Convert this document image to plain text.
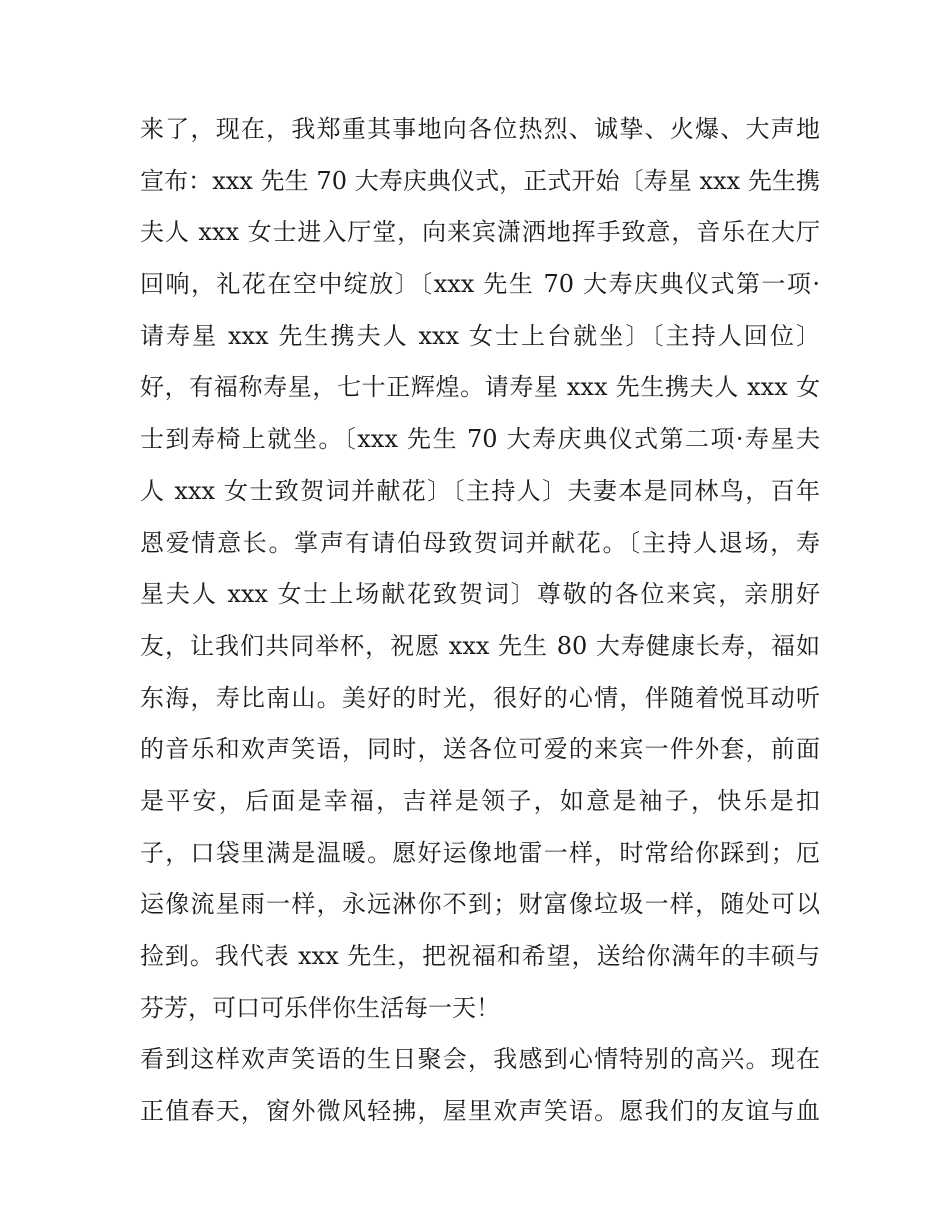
来了，现在，我郑重其事地向各位热烈、诚挚、火爆、大声地
宣布：xxx 先生 70 大寿庆典仪式，正式开始〔寿星 xxx 先生携
夫人 xxx 女士进入厅堂，向来宾潇洒地挥手致意，音乐在大厅
回响，礼花在空中绽放〕〔xxx 先生 70 大寿庆典仪式第一项·
请寿星 xxx 先生携夫人 xxx 女士上台就坐〕〔主持人回位〕
好，有福称寿星，七十正辉煌。请寿星 xxx 先生携夫人 xxx 女
士到寿椅上就坐。〔xxx 先生 70 大寿庆典仪式第二项·寿星夫
人 xxx 女士致贺词并献花〕〔主持人〕夫妻本是同林鸟，百年
恩爱情意长。掌声有请伯母致贺词并献花。〔主持人退场，寿
星夫人 xxx 女士上场献花致贺词〕尊敬的各位来宾，亲朋好
友，让我们共同举杯，祝愿 xxx 先生 80 大寿健康长寿，福如
东海，寿比南山。美好的时光，很好的心情，伴随着悦耳动听
的音乐和欢声笑语，同时，送各位可爱的来宾一件外套，前面
是平安，后面是幸福，吉祥是领子，如意是袖子，快乐是扣
子，口袋里满是温暖。愿好运像地雷一样，时常给你踩到；厄
运像流星雨一样，永远淋你不到；财富像垃圾一样，随处可以
捡到。我代表 xxx 先生，把祝福和希望，送给你满年的丰硕与
芬芳，可口可乐伴你生活每一天！
看到这样欢声笑语的生日聚会，我感到心情特别的高兴。现在
正值春天，窗外微风轻拂，屋里欢声笑语。愿我们的友谊与血
